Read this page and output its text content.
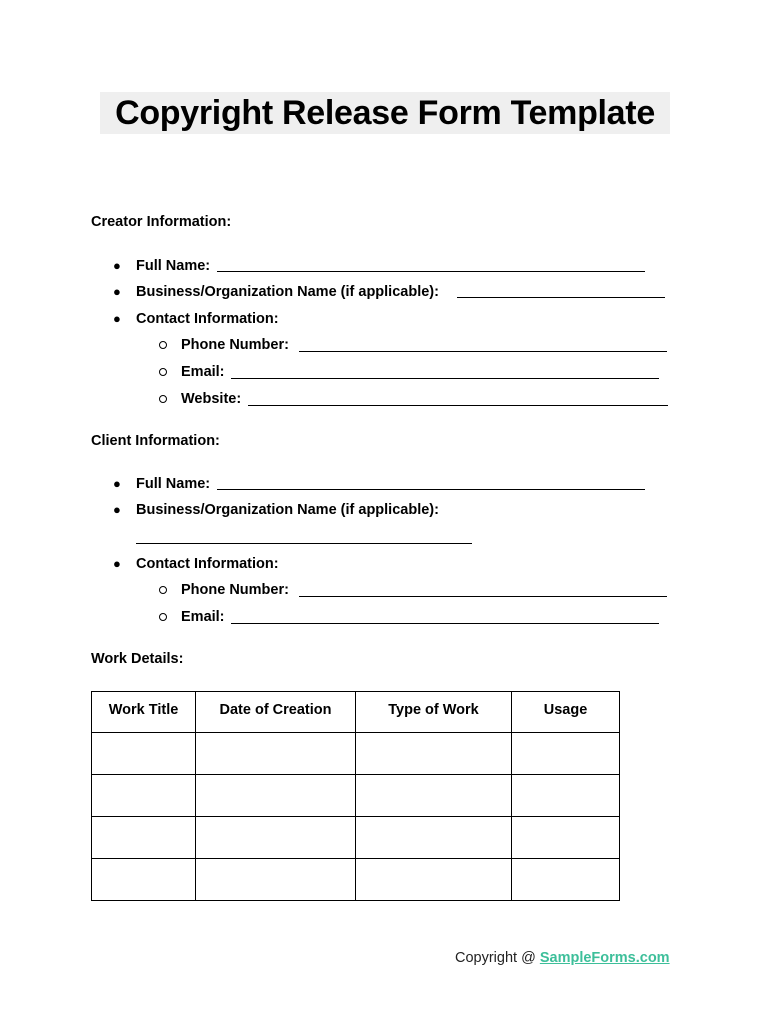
Copyright Release Form Template
Creator Information:
● Full Name:
● Business/Organization Name (if applicable):
● Contact Information:
Phone Number:
Email:
Website:
Client Information:
● Full Name:
● Business/Organization Name (if applicable):
● Contact Information:
Phone Number:
Email:
Work Details:
Work Title	Date of Creation	Type of Work	Usage

Copyright @ SampleForms.com
